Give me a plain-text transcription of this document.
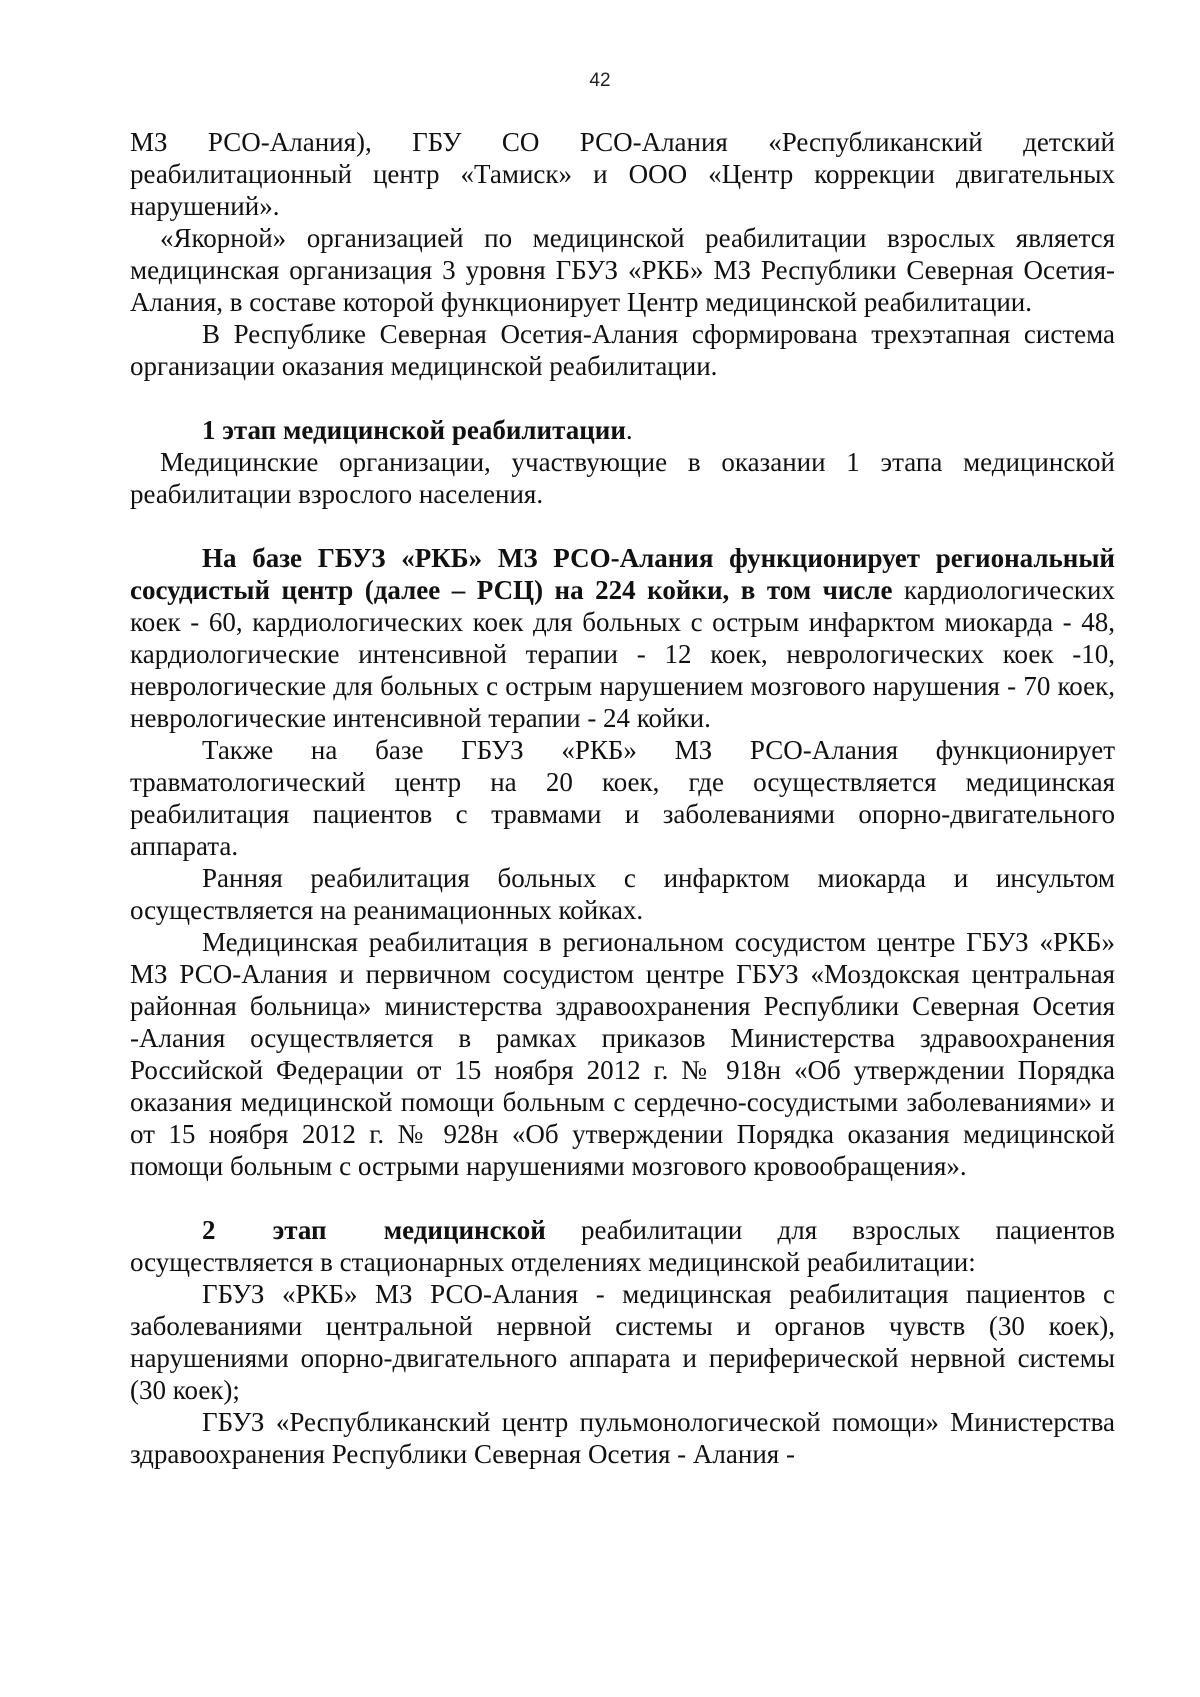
42

МЗ РСО-Алания), ГБУ СО РСО-Алания «Республиканский детский реабилитационный центр «Тамиск» и ООО «Центр коррекции двигательных нарушений».

«Якорной» организацией по медицинской реабилитации взрослых является медицинская организация 3 уровня ГБУЗ «РКБ» МЗ Республики Северная Осетия-Алания, в составе которой функционирует Центр медицинской реабилитации.

В Республике Северная Осетия-Алания сформирована трехэтапная система организации оказания медицинской реабилитации.

1 этап медицинской реабилитации.

Медицинские организации, участвующие в оказании 1 этапа медицинской реабилитации взрослого населения.

На базе ГБУЗ «РКБ» МЗ РСО-Алания функционирует региональный сосудистый центр (далее – РСЦ) на 224 койки, в том числе кардиологических коек - 60, кардиологических коек для больных с острым инфарктом миокарда - 48, кардиологические интенсивной терапии - 12 коек, неврологических коек -10, неврологические для больных с острым нарушением мозгового нарушения - 70 коек, неврологические интенсивной терапии - 24 койки.

Также на базе ГБУЗ «РКБ» МЗ РСО-Алания функционирует травматологический центр на 20 коек, где осуществляется медицинская реабилитация пациентов с травмами и заболеваниями опорно-двигательного аппарата.

Ранняя реабилитация больных с инфарктом миокарда и инсультом осуществляется на реанимационных койках.

Медицинская реабилитация в региональном сосудистом центре ГБУЗ «РКБ» МЗ РСО-Алания и первичном сосудистом центре ГБУЗ «Моздокская центральная районная больница» министерства здравоохранения Республики Северная Осетия -Алания осуществляется в рамках приказов Министерства здравоохранения Российской Федерации от 15 ноября 2012 г. № 918н «Об утверждении Порядка оказания медицинской помощи больным с сердечно-сосудистыми заболеваниями» и от 15 ноября 2012 г. № 928н «Об утверждении Порядка оказания медицинской помощи больным с острыми нарушениями мозгового кровообращения».

2 этап медицинской реабилитации для взрослых пациентов осуществляется в стационарных отделениях медицинской реабилитации:

ГБУЗ «РКБ» МЗ РСО-Алания - медицинская реабилитация пациентов с заболеваниями центральной нервной системы и органов чувств (30 коек), нарушениями опорно-двигательного аппарата и периферической нервной системы (30 коек);

ГБУЗ «Республиканский центр пульмонологической помощи» Министерства здравоохранения Республики Северная Осетия - Алания -
